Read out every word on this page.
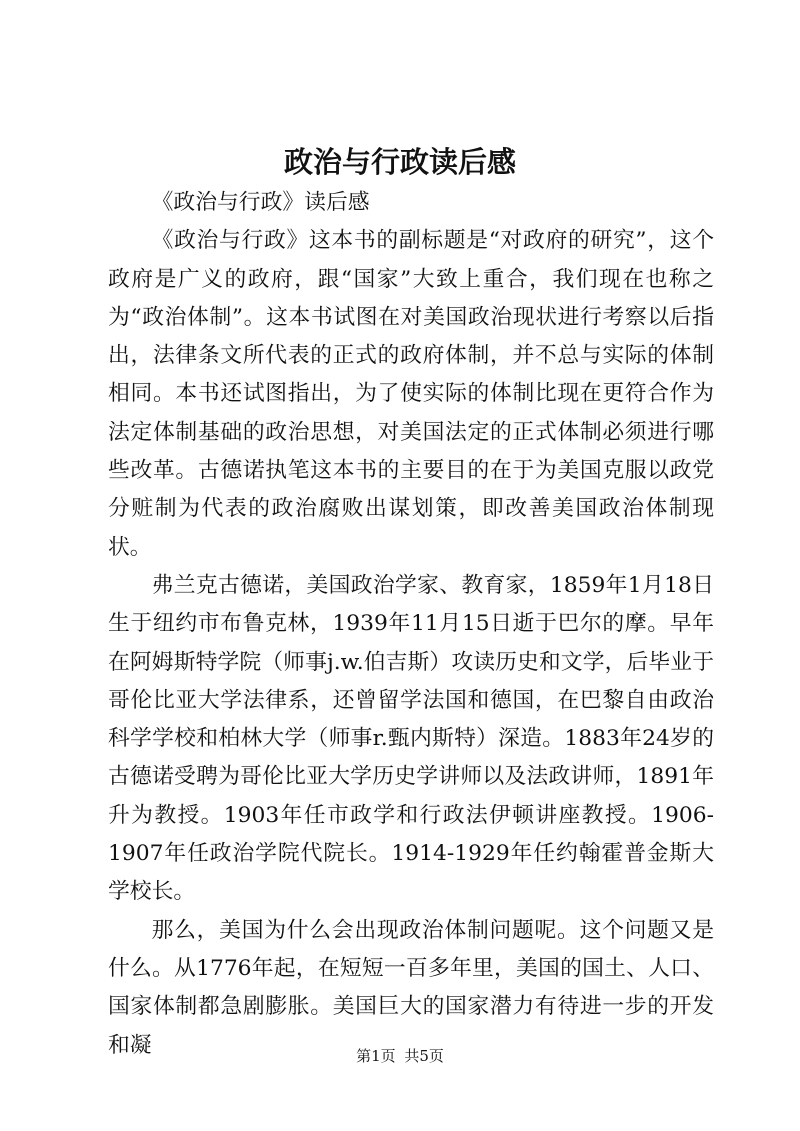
政治与行政读后感

《政治与行政》读后感

《政治与行政》这本书的副标题是“对政府的研究”，这个政府是广义的政府，跟“国家”大致上重合，我们现在也称之为“政治体制”。这本书试图在对美国政治现状进行考察以后指出，法律条文所代表的正式的政府体制，并不总与实际的体制相同。本书还试图指出，为了使实际的体制比现在更符合作为法定体制基础的政治思想，对美国法定的正式体制必须进行哪些改革。古德诺执笔这本书的主要目的在于为美国克服以政党分赃制为代表的政治腐败出谋划策，即改善美国政治体制现状。

弗兰克古德诺，美国政治学家、教育家，1859年1月18日生于纽约市布鲁克林，1939年11月15日逝于巴尔的摩。早年在阿姆斯特学院（师事j.w.伯吉斯）攻读历史和文学，后毕业于哥伦比亚大学法律系，还曾留学法国和德国，在巴黎自由政治科学学校和柏林大学（师事r.甄内斯特）深造。1883年24岁的古德诺受聘为哥伦比亚大学历史学讲师以及法政讲师，1891年升为教授。1903年任市政学和行政法伊顿讲座教授。1906-1907年任政治学院代院长。1914-1929年任约翰霍普金斯大学校长。

那么，美国为什么会出现政治体制问题呢。这个问题又是什么。从1776年起，在短短一百多年里，美国的国土、人口、国家体制都急剧膨胀。美国巨大的国家潜力有待进一步的开发和凝	第1页 共5页
